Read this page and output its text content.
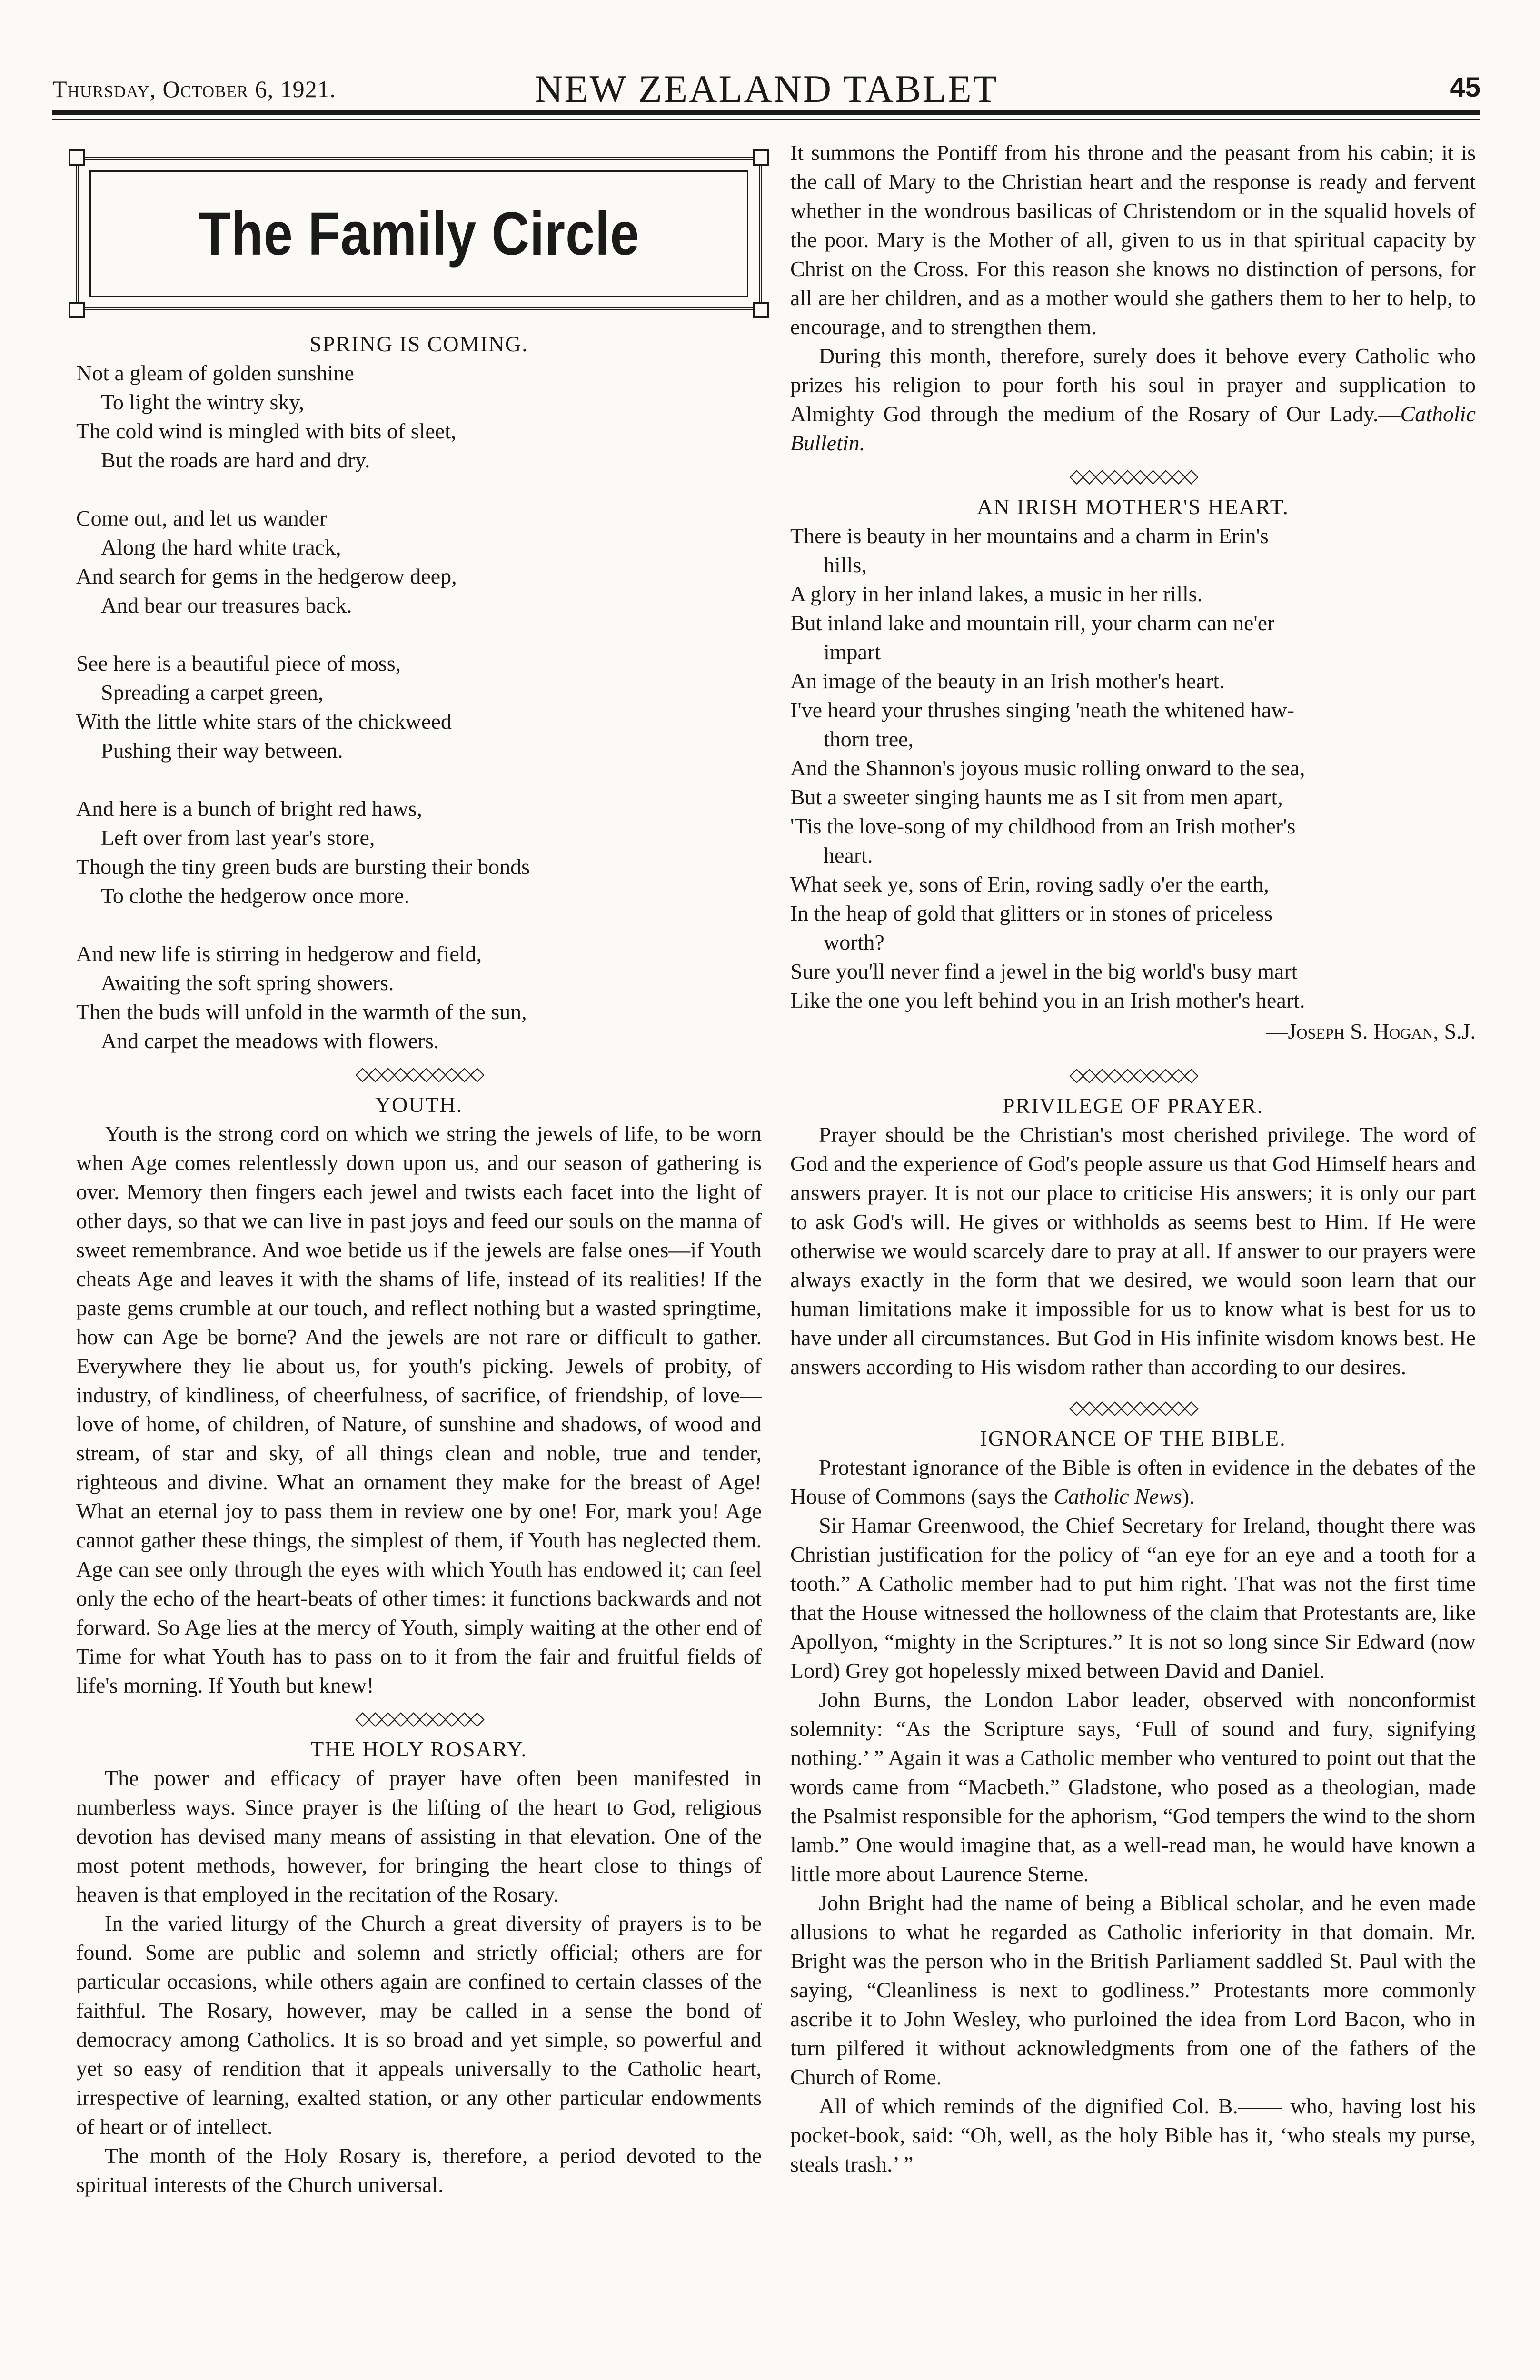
Thursday, October 6, 1921.	NEW ZEALAND TABLET	45
The Family Circle
SPRING IS COMING.
Not a gleam of golden sunshine
To light the wintry sky,
The cold wind is mingled with bits of sleet,
But the roads are hard and dry.
Come out, and let us wander
Along the hard white track,
And search for gems in the hedgerow deep,
And bear our treasures back.
See here is a beautiful piece of moss,
Spreading a carpet green,
With the little white stars of the chickweed
Pushing their way between.
And here is a bunch of bright red haws,
Left over from last year's store,
Though the tiny green buds are bursting their bonds
To clothe the hedgerow once more.
And new life is stirring in hedgerow and field,
Awaiting the soft spring showers.
Then the buds will unfold in the warmth of the sun,
And carpet the meadows with flowers.
◇◇◇◇◇◇◇◇◇◇
YOUTH.

Youth is the strong cord on which we string the jewels of life, to be worn when Age comes relentlessly down upon us, and our season of gathering is over. Memory then fingers each jewel and twists each facet into the light of other days, so that we can live in past joys and feed our souls on the manna of sweet remembrance. And woe betide us if the jewels are false ones—if Youth cheats Age and leaves it with the shams of life, instead of its realities! If the paste gems crumble at our touch, and reflect nothing but a wasted springtime, how can Age be borne? And the jewels are not rare or difficult to gather. Everywhere they lie about us, for youth's picking. Jewels of probity, of industry, of kindliness, of cheerfulness, of sacrifice, of friendship, of love—love of home, of children, of Nature, of sunshine and shadows, of wood and stream, of star and sky, of all things clean and noble, true and tender, righteous and divine. What an ornament they make for the breast of Age! What an eternal joy to pass them in review one by one! For, mark you! Age cannot gather these things, the simplest of them, if Youth has neglected them. Age can see only through the eyes with which Youth has endowed it; can feel only the echo of the heart-beats of other times: it functions backwards and not forward. So Age lies at the mercy of Youth, simply waiting at the other end of Time for what Youth has to pass on to it from the fair and fruitful fields of life's morning. If Youth but knew!

◇◇◇◇◇◇◇◇◇◇
THE HOLY ROSARY.

The power and efficacy of prayer have often been manifested in numberless ways. Since prayer is the lifting of the heart to God, religious devotion has devised many means of assisting in that elevation. One of the most potent methods, however, for bringing the heart close to things of heaven is that employed in the recitation of the Rosary.

In the varied liturgy of the Church a great diversity of prayers is to be found. Some are public and solemn and strictly official; others are for particular occasions, while others again are confined to certain classes of the faithful. The Rosary, however, may be called in a sense the bond of democracy among Catholics. It is so broad and yet simple, so powerful and yet so easy of rendition that it appeals universally to the Catholic heart, irrespective of learning, exalted station, or any other particular endowments of heart or of intellect.

The month of the Holy Rosary is, therefore, a period devoted to the spiritual interests of the Church universal.

It summons the Pontiff from his throne and the peasant from his cabin; it is the call of Mary to the Christian heart and the response is ready and fervent whether in the wondrous basilicas of Christendom or in the squalid hovels of the poor. Mary is the Mother of all, given to us in that spiritual capacity by Christ on the Cross. For this reason she knows no distinction of persons, for all are her children, and as a mother would she gathers them to her to help, to encourage, and to strengthen them.

During this month, therefore, surely does it behove every Catholic who prizes his religion to pour forth his soul in prayer and supplication to Almighty God through the medium of the Rosary of Our Lady.—Catholic Bulletin.

◇◇◇◇◇◇◇◇◇◇
AN IRISH MOTHER'S HEART.
There is beauty in her mountains and a charm in Erin's
hills,
A glory in her inland lakes, a music in her rills.
But inland lake and mountain rill, your charm can ne'er
impart
An image of the beauty in an Irish mother's heart.
I've heard your thrushes singing 'neath the whitened haw-
thorn tree,
And the Shannon's joyous music rolling onward to the sea,
But a sweeter singing haunts me as I sit from men apart,
'Tis the love-song of my childhood from an Irish mother's
heart.
What seek ye, sons of Erin, roving sadly o'er the earth,
In the heap of gold that glitters or in stones of priceless
worth?
Sure you'll never find a jewel in the big world's busy mart
Like the one you left behind you in an Irish mother's heart.
—Joseph S. Hogan, S.J.
◇◇◇◇◇◇◇◇◇◇
PRIVILEGE OF PRAYER.

Prayer should be the Christian's most cherished privilege. The word of God and the experience of God's people assure us that God Himself hears and answers prayer. It is not our place to criticise His answers; it is only our part to ask God's will. He gives or withholds as seems best to Him. If He were otherwise we would scarcely dare to pray at all. If answer to our prayers were always exactly in the form that we desired, we would soon learn that our human limitations make it impossible for us to know what is best for us to have under all circumstances. But God in His infinite wisdom knows best. He answers according to His wisdom rather than according to our desires.

◇◇◇◇◇◇◇◇◇◇
IGNORANCE OF THE BIBLE.

Protestant ignorance of the Bible is often in evidence in the debates of the House of Commons (says the Catholic News).

Sir Hamar Greenwood, the Chief Secretary for Ireland, thought there was Christian justification for the policy of “an eye for an eye and a tooth for a tooth.” A Catholic member had to put him right. That was not the first time that the House witnessed the hollowness of the claim that Protestants are, like Apollyon, “mighty in the Scriptures.” It is not so long since Sir Edward (now Lord) Grey got hopelessly mixed between David and Daniel.

John Burns, the London Labor leader, observed with nonconformist solemnity: “As the Scripture says, ‘Full of sound and fury, signifying nothing.’ ” Again it was a Catholic member who ventured to point out that the words came from “Macbeth.” Gladstone, who posed as a theologian, made the Psalmist responsible for the aphorism, “God tempers the wind to the shorn lamb.” One would imagine that, as a well-read man, he would have known a little more about Laurence Sterne.

John Bright had the name of being a Biblical scholar, and he even made allusions to what he regarded as Catholic inferiority in that domain. Mr. Bright was the person who in the British Parliament saddled St. Paul with the saying, “Cleanliness is next to godliness.” Protestants more commonly ascribe it to John Wesley, who purloined the idea from Lord Bacon, who in turn pilfered it without acknowledgments from one of the fathers of the Church of Rome.

All of which reminds of the dignified Col. B.—— who, having lost his pocket-book, said: “Oh, well, as the holy Bible has it, ‘who steals my purse, steals trash.’ ”
